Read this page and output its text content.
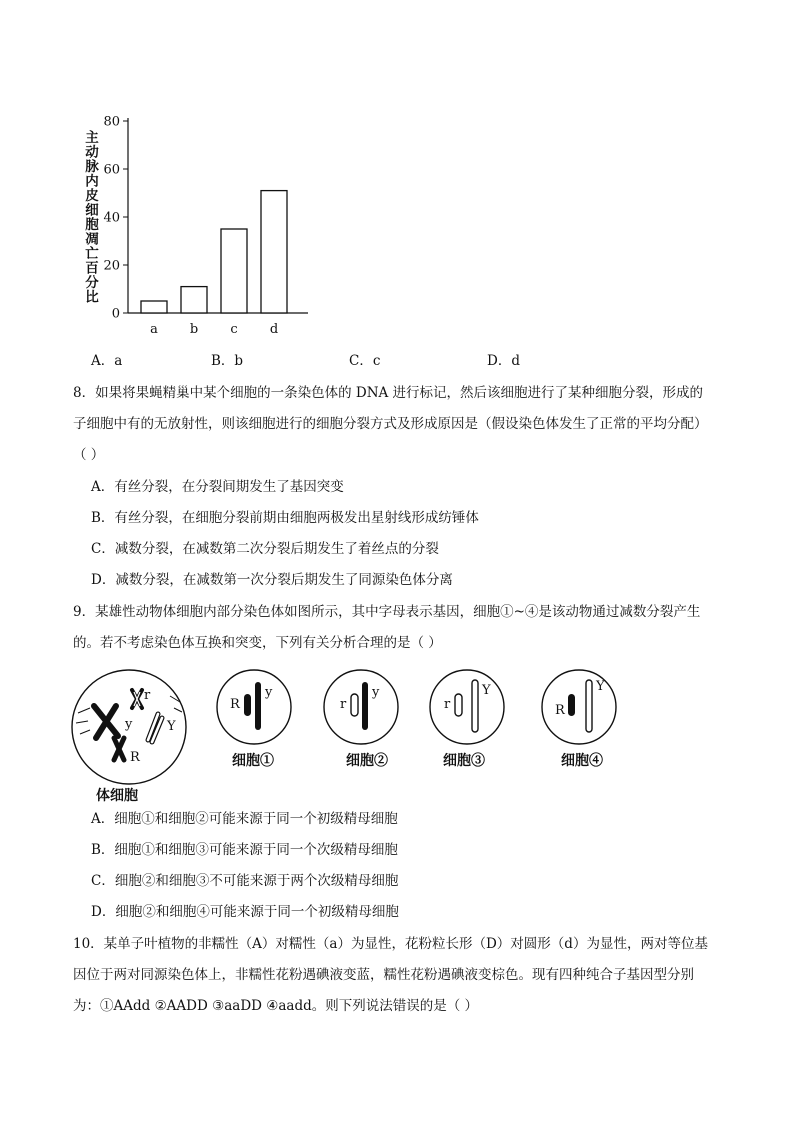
主动脉内皮细胞凋亡百分比
0
20
40
60
80
a b c d
A．a	B．b	C．c	D．d
8．如果将果蝇精巢中某个细胞的一条染色体的 DNA 进行标记，然后该细胞进行了某种细胞分裂，形成的
子细胞中有的无放射性，则该细胞进行的细胞分裂方式及形成原因是（假设染色体发生了正常的平均分配）
（ ）
A．有丝分裂，在分裂间期发生了基因突变
B．有丝分裂，在细胞分裂前期由细胞两极发出星射线形成纺锤体
C．减数分裂，在减数第二次分裂后期发生了着丝点的分裂
D．减数分裂，在减数第一次分裂后期发生了同源染色体分离
9．某雄性动物体细胞内部分染色体如图所示，其中字母表示基因，细胞①~④是该动物通过减数分裂产生
的。若不考虑染色体互换和突变，下列有关分析合理的是（ ）
r
y	Y
R
体细胞
R
y
细胞①
r
y
细胞②
r
Y
细胞③
R
Y
细胞④
A．细胞①和细胞②可能来源于同一个初级精母细胞
B．细胞①和细胞③可能来源于同一个次级精母细胞
C．细胞②和细胞③不可能来源于两个次级精母细胞
D．细胞②和细胞④可能来源于同一个初级精母细胞
10．某单子叶植物的非糯性（A）对糯性（a）为显性，花粉粒长形（D）对圆形（d）为显性，两对等位基
因位于两对同源染色体上，非糯性花粉遇碘液变蓝，糯性花粉遇碘液变棕色。现有四种纯合子基因型分别
为：①AAdd ②AADD ③aaDD ④aadd。则下列说法错误的是（ ）
